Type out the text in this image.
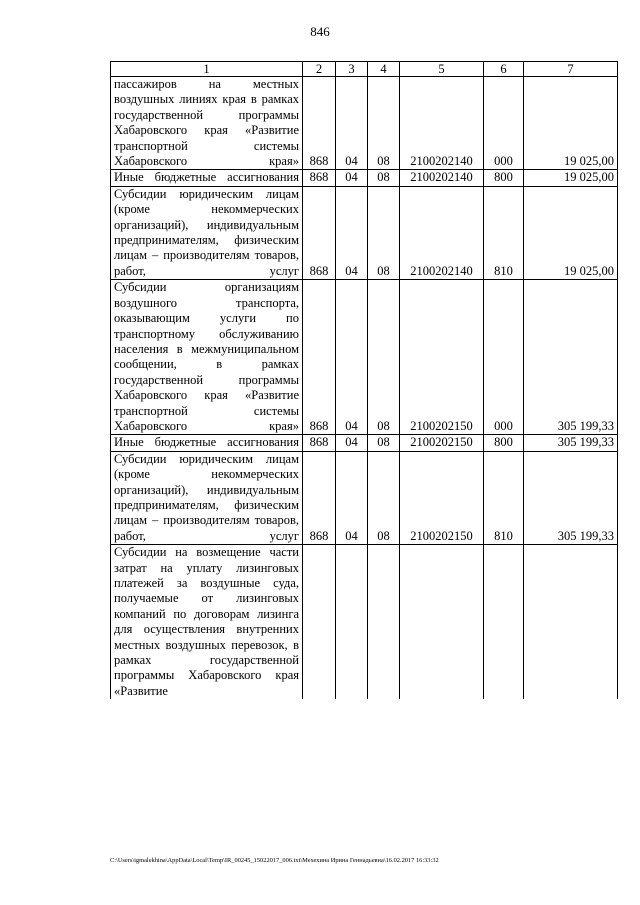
846
1	2	3	4	5	6	7
пассажиров на местных воздушных линиях края в рамках государственной программы Хабаровского края «Развитие транспортной системы Хабаровского края»	868	04	08	2100202140	000	19 025,00
Иные бюджетные ассигнования	868	04	08	2100202140	800	19 025,00
Субсидии юридическим лицам (кроме некоммерческих организаций), индивидуальным предпринимателям, физическим лицам – производителям товаров, работ, услуг	868	04	08	2100202140	810	19 025,00
Субсидии организациям воздушного транспорта, оказывающим услуги по транспортному обслуживанию населения в межмуниципальном сообщении, в рамках государственной программы Хабаровского края «Развитие транспортной системы Хабаровского края»	868	04	08	2100202150	000	305 199,33
Иные бюджетные ассигнования	868	04	08	2100202150	800	305 199,33
Субсидии юридическим лицам (кроме некоммерческих организаций), индивидуальным предпринимателям, физическим лицам – производителям товаров, работ, услуг	868	04	08	2100202150	810	305 199,33
Субсидии на возмещение части затрат на уплату лизинговых платежей за воздушные суда, получаемые от лизинговых компаний по договорам лизинга для осуществления внутренних местных воздушных перевозок, в рамках государственной программы Хабаровского края «Развитие						
C:\Users\igmalekhina\AppData\Local\Temp\IR_00245_15022017_006.txt\Мехехина Ирина Геннадьевна\16.02.2017 16:33:32
